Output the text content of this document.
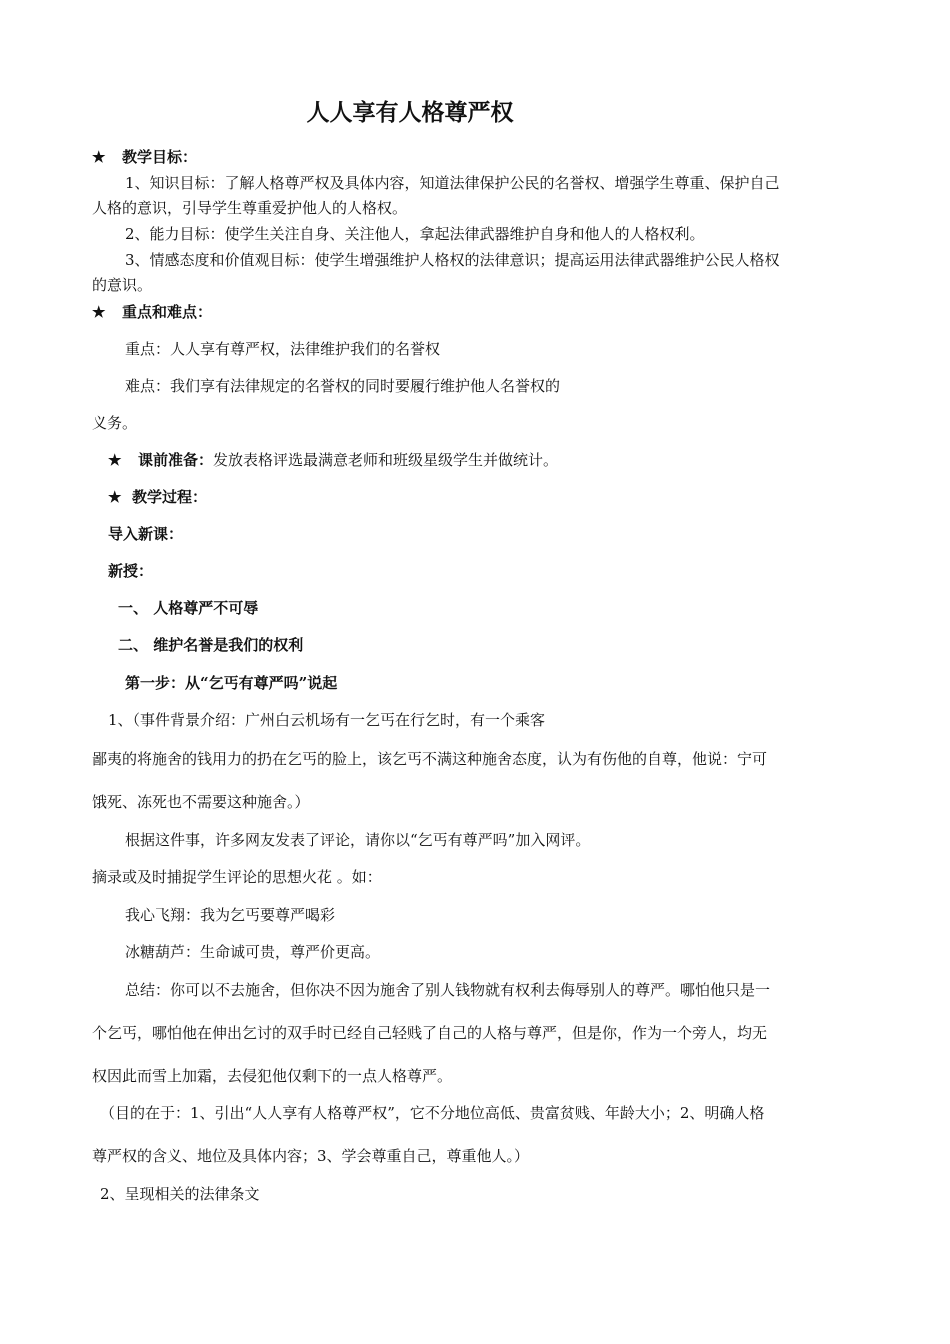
人人享有人格尊严权
★ 教学目标：
1、知识目标：了解人格尊严权及具体内容，知道法律保护公民的名誉权、增强学生尊重、保护自己
人格的意识，引导学生尊重爱护他人的人格权。
2、能力目标：使学生关注自身、关注他人，拿起法律武器维护自身和他人的人格权利。
3、情感态度和价值观目标：使学生增强维护人格权的法律意识；提高运用法律武器维护公民人格权
的意识。
★ 重点和难点：
重点：人人享有尊严权，法律维护我们的名誉权
难点：我们享有法律规定的名誉权的同时要履行维护他人名誉权的
义务。
★ 课前准备：发放表格评选最满意老师和班级星级学生并做统计。
★ 教学过程：
导入新课：
新授：
一、 人格尊严不可辱
二、 维护名誉是我们的权利
第一步：从“乞丐有尊严吗”说起
1、（事件背景介绍：广州白云机场有一乞丐在行乞时，有一个乘客
鄙夷的将施舍的钱用力的扔在乞丐的脸上，该乞丐不满这种施舍态度，认为有伤他的自尊，他说：宁可
饿死、冻死也不需要这种施舍。）
根据这件事，许多网友发表了评论，请你以“乞丐有尊严吗”加入网评。
摘录或及时捕捉学生评论的思想火花 。如：
我心飞翔：我为乞丐要尊严喝彩
冰糖葫芦：生命诚可贵，尊严价更高。
总结：你可以不去施舍，但你决不因为施舍了别人钱物就有权利去侮辱别人的尊严。哪怕他只是一
个乞丐，哪怕他在伸出乞讨的双手时已经自己轻贱了自己的人格与尊严，但是你，作为一个旁人，均无
权因此而雪上加霜，去侵犯他仅剩下的一点人格尊严。
（目的在于：1、引出“人人享有人格尊严权”，它不分地位高低、贵富贫贱、年龄大小；2、明确人格
尊严权的含义、地位及具体内容；3、学会尊重自己，尊重他人。）
2、呈现相关的法律条文
